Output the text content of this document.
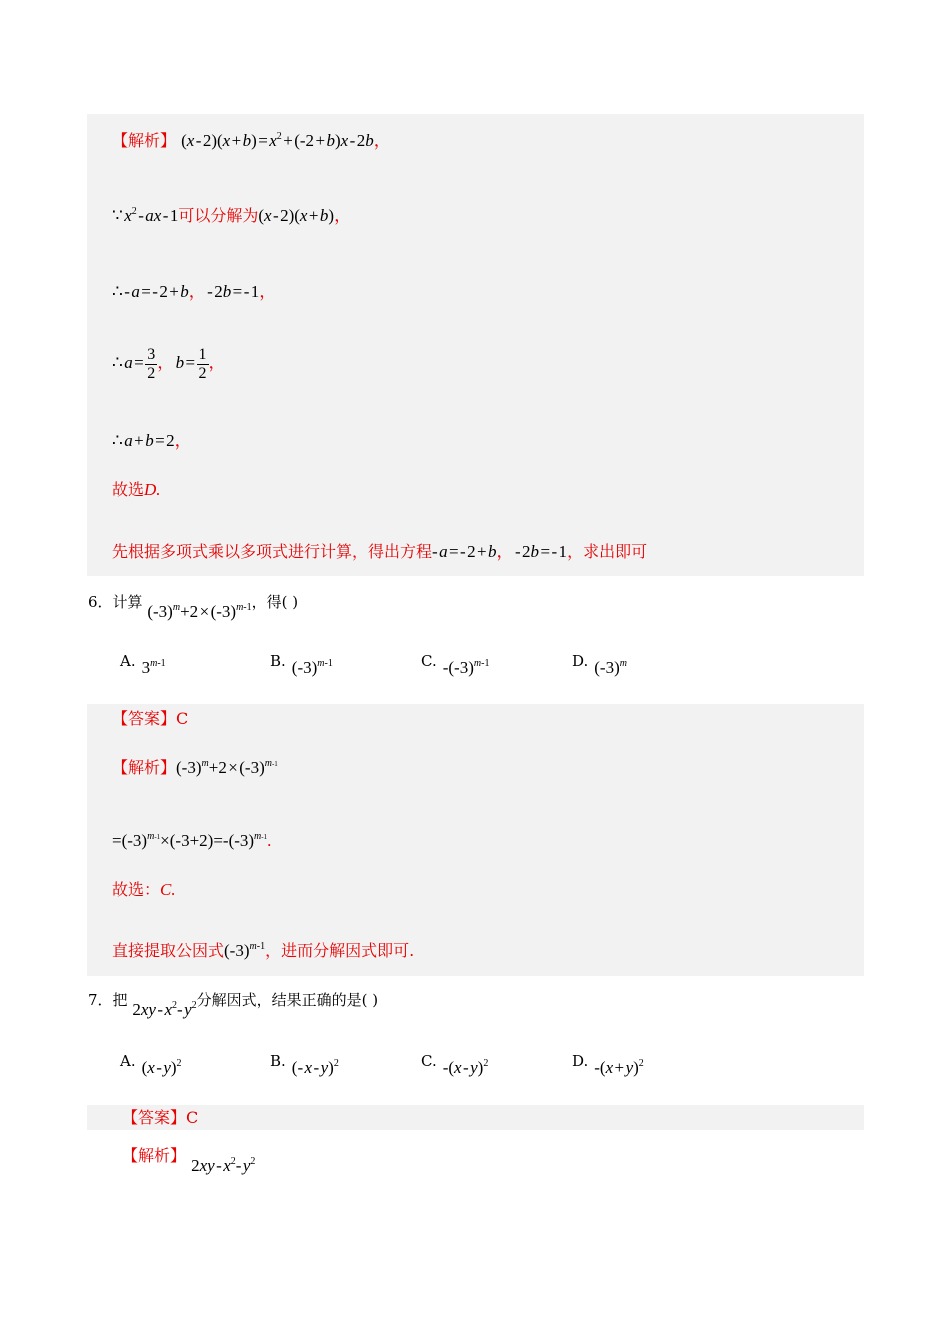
【解析】 (x - 2)(x + b) = $x^2$ + (-2 + b)x - 2b，
∵ $x^2$ - ax - 1可以分解为(x - 2)(x + b)，
∴ - a = - 2 + b， - 2b = - 1，
∴ a =  $\frac{3}{2}$ ， b =  $\frac{1}{2}$ ，
∴ a + b = 2，
故选D.
先根据多项式乘以多项式进行计算，得出方程- a = - 2 + b， - 2b = - 1，求出即可
6．计算 $(-3)^m+2$ × $(-3)^{m-1}$，得( )
A. 3$^{m-1}$	B. $(-3)^{m-1}$	C. $-(-3)^{m-1}$	D. $(-3)^m$
【答案】C
【解析】$(-3)^m+2$ × $(-3)^{m-1}$
$=(-3)^{m-1}\times(-3+2)=-(-3)^{m-1}$.
故选：C.
直接提取公因式$(-3)^{m-1}$，进而分解因式即可.
7．把 2xy - $x^2-$ $y^2$分解因式，结果正确的是( )
A. (x - y)$^2$	B. (- x - y)$^2$	C. -(x - y)$^2$	D. -(x + y)$^2$
【答案】C
【解析】 2xy - $x^2-$ $y^2$
